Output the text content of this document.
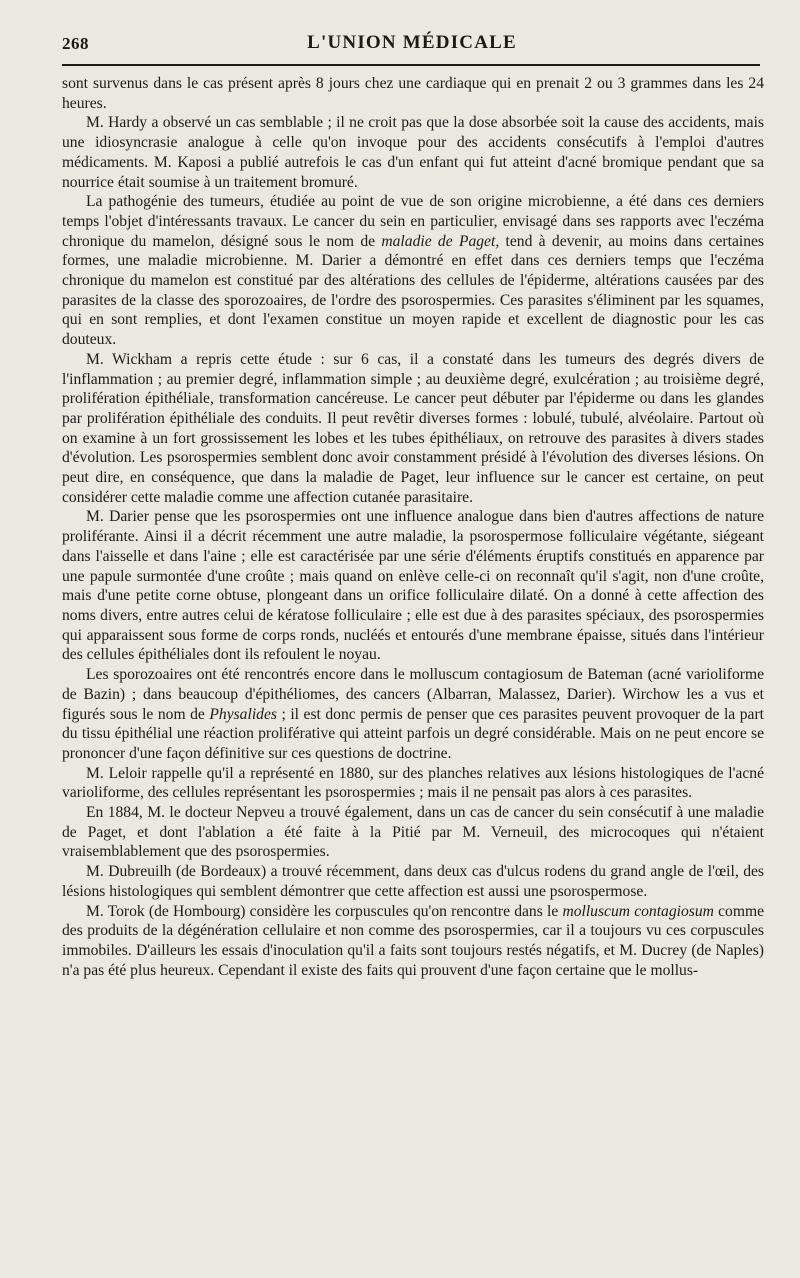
268	L'UNION MÉDICALE

sont survenus dans le cas présent après 8 jours chez une cardiaque qui en prenait 2 ou 3 grammes dans les 24 heures.

M. Hardy a observé un cas semblable ; il ne croit pas que la dose absorbée soit la cause des accidents, mais une idiosyncrasie analogue à celle qu'on invoque pour des accidents consécutifs à l'emploi d'autres médicaments. M. Kaposi a publié autrefois le cas d'un enfant qui fut atteint d'acné bromique pendant que sa nourrice était soumise à un traitement bromuré.

La pathogénie des tumeurs, étudiée au point de vue de son origine microbienne, a été dans ces derniers temps l'objet d'intéressants travaux. Le cancer du sein en particulier, envisagé dans ses rapports avec l'eczéma chronique du mamelon, désigné sous le nom de maladie de Paget, tend à devenir, au moins dans certaines formes, une maladie microbienne. M. Darier a démontré en effet dans ces derniers temps que l'eczéma chronique du mamelon est constitué par des altérations des cellules de l'épiderme, altérations causées par des parasites de la classe des sporozoaires, de l'ordre des psorospermies. Ces parasites s'éliminent par les squames, qui en sont remplies, et dont l'examen constitue un moyen rapide et excellent de diagnostic pour les cas douteux.

M. Wickham a repris cette étude : sur 6 cas, il a constaté dans les tumeurs des degrés divers de l'inflammation ; au premier degré, inflammation simple ; au deuxième degré, exulcération ; au troisième degré, prolifération épithéliale, transformation cancéreuse. Le cancer peut débuter par l'épiderme ou dans les glandes par prolifération épithéliale des conduits. Il peut revêtir diverses formes : lobulé, tubulé, alvéolaire. Partout où on examine à un fort grossissement les lobes et les tubes épithéliaux, on retrouve des parasites à divers stades d'évolution. Les psorospermies semblent donc avoir constamment présidé à l'évolution des diverses lésions. On peut dire, en conséquence, que dans la maladie de Paget, leur influence sur le cancer est certaine, on peut considérer cette maladie comme une affection cutanée parasitaire.

M. Darier pense que les psorospermies ont une influence analogue dans bien d'autres affections de nature proliférante. Ainsi il a décrit récemment une autre maladie, la psorospermose folliculaire végétante, siégeant dans l'aisselle et dans l'aine ; elle est caractérisée par une série d'éléments éruptifs constitués en apparence par une papule surmontée d'une croûte ; mais quand on enlève celle-ci on reconnaît qu'il s'agit, non d'une croûte, mais d'une petite corne obtuse, plongeant dans un orifice folliculaire dilaté. On a donné à cette affection des noms divers, entre autres celui de kératose folliculaire ; elle est due à des parasites spéciaux, des psorospermies qui apparaissent sous forme de corps ronds, nucléés et entourés d'une membrane épaisse, situés dans l'intérieur des cellules épithéliales dont ils refoulent le noyau.

Les sporozoaires ont été rencontrés encore dans le molluscum contagiosum de Bateman (acné varioliforme de Bazin) ; dans beaucoup d'épithéliomes, des cancers (Albarran, Malassez, Darier). Wirchow les a vus et figurés sous le nom de Physalides ; il est donc permis de penser que ces parasites peuvent provoquer de la part du tissu épithélial une réaction proliférative qui atteint parfois un degré considérable. Mais on ne peut encore se prononcer d'une façon définitive sur ces questions de doctrine.

M. Leloir rappelle qu'il a représenté en 1880, sur des planches relatives aux lésions histologiques de l'acné varioliforme, des cellules représentant les psorospermies ; mais il ne pensait pas alors à ces parasites.

En 1884, M. le docteur Nepveu a trouvé également, dans un cas de cancer du sein consécutif à une maladie de Paget, et dont l'ablation a été faite à la Pitié par M. Verneuil, des microcoques qui n'étaient vraisemblablement que des psorospermies.

M. Dubreuilh (de Bordeaux) a trouvé récemment, dans deux cas d'ulcus rodens du grand angle de l'œil, des lésions histologiques qui semblent démontrer que cette affection est aussi une psorospermose.

M. Torok (de Hombourg) considère les corpuscules qu'on rencontre dans le molluscum contagiosum comme des produits de la dégénération cellulaire et non comme des psorospermies, car il a toujours vu ces corpuscules immobiles. D'ailleurs les essais d'inoculation qu'il a faits sont toujours restés négatifs, et M. Ducrey (de Naples) n'a pas été plus heureux. Cependant il existe des faits qui prouvent d'une façon certaine que le mollus-
